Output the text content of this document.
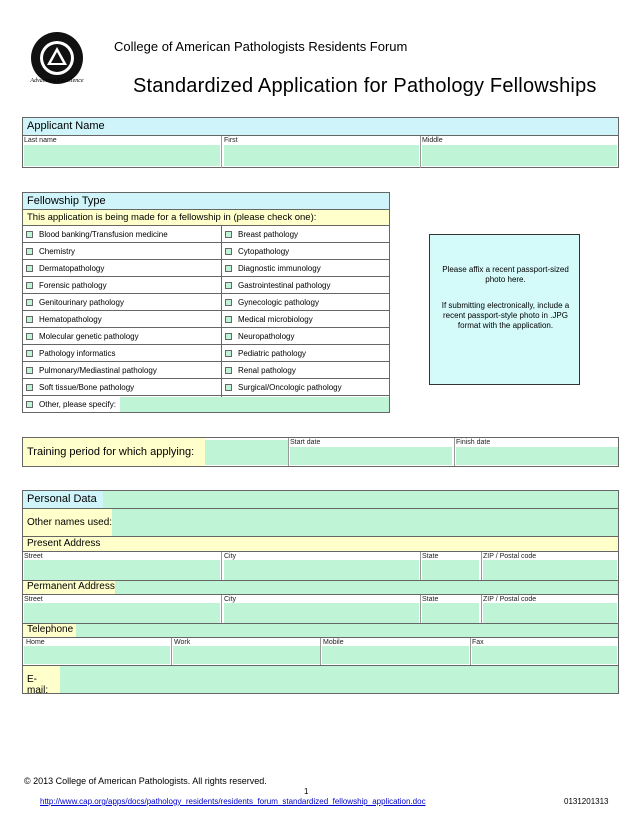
Advancing Excellence
College of American Pathologists Residents Forum
Standardized Application for Pathology Fellowships
Applicant Name
Last name	First	Middle
Fellowship Type
This application is being made for a fellowship in (please check one):
Blood banking/Transfusion medicine	Breast pathology
Chemistry	Cytopathology
Dermatopathology	Diagnostic immunology
Forensic pathology	Gastrointestinal pathology
Genitourinary pathology	Gynecologic pathology
Hematopathology	Medical microbiology
Molecular genetic pathology	Neuropathology
Pathology informatics	Pediatric pathology
Pulmonary/Mediastinal pathology	Renal pathology
Soft tissue/Bone pathology	Surgical/Oncologic pathology
Other, please specify:
Please affix a recent passport-sized photo here.
If submitting electronically, include a recent passport-style photo in .JPG format with the application.
Training period for which applying:
Start date	Finish date
Personal Data
Other names used:
Present Address
Street	City	State	ZIP / Postal code
Permanent Address
Street	City	State	ZIP / Postal code
Telephone
Home	Work	Mobile	Fax
E-mail:
© 2013 College of American Pathologists. All rights reserved.
1
http://www.cap.org/apps/docs/pathology_residents/residents_forum_standardized_fellowship_application.doc	0131201313
